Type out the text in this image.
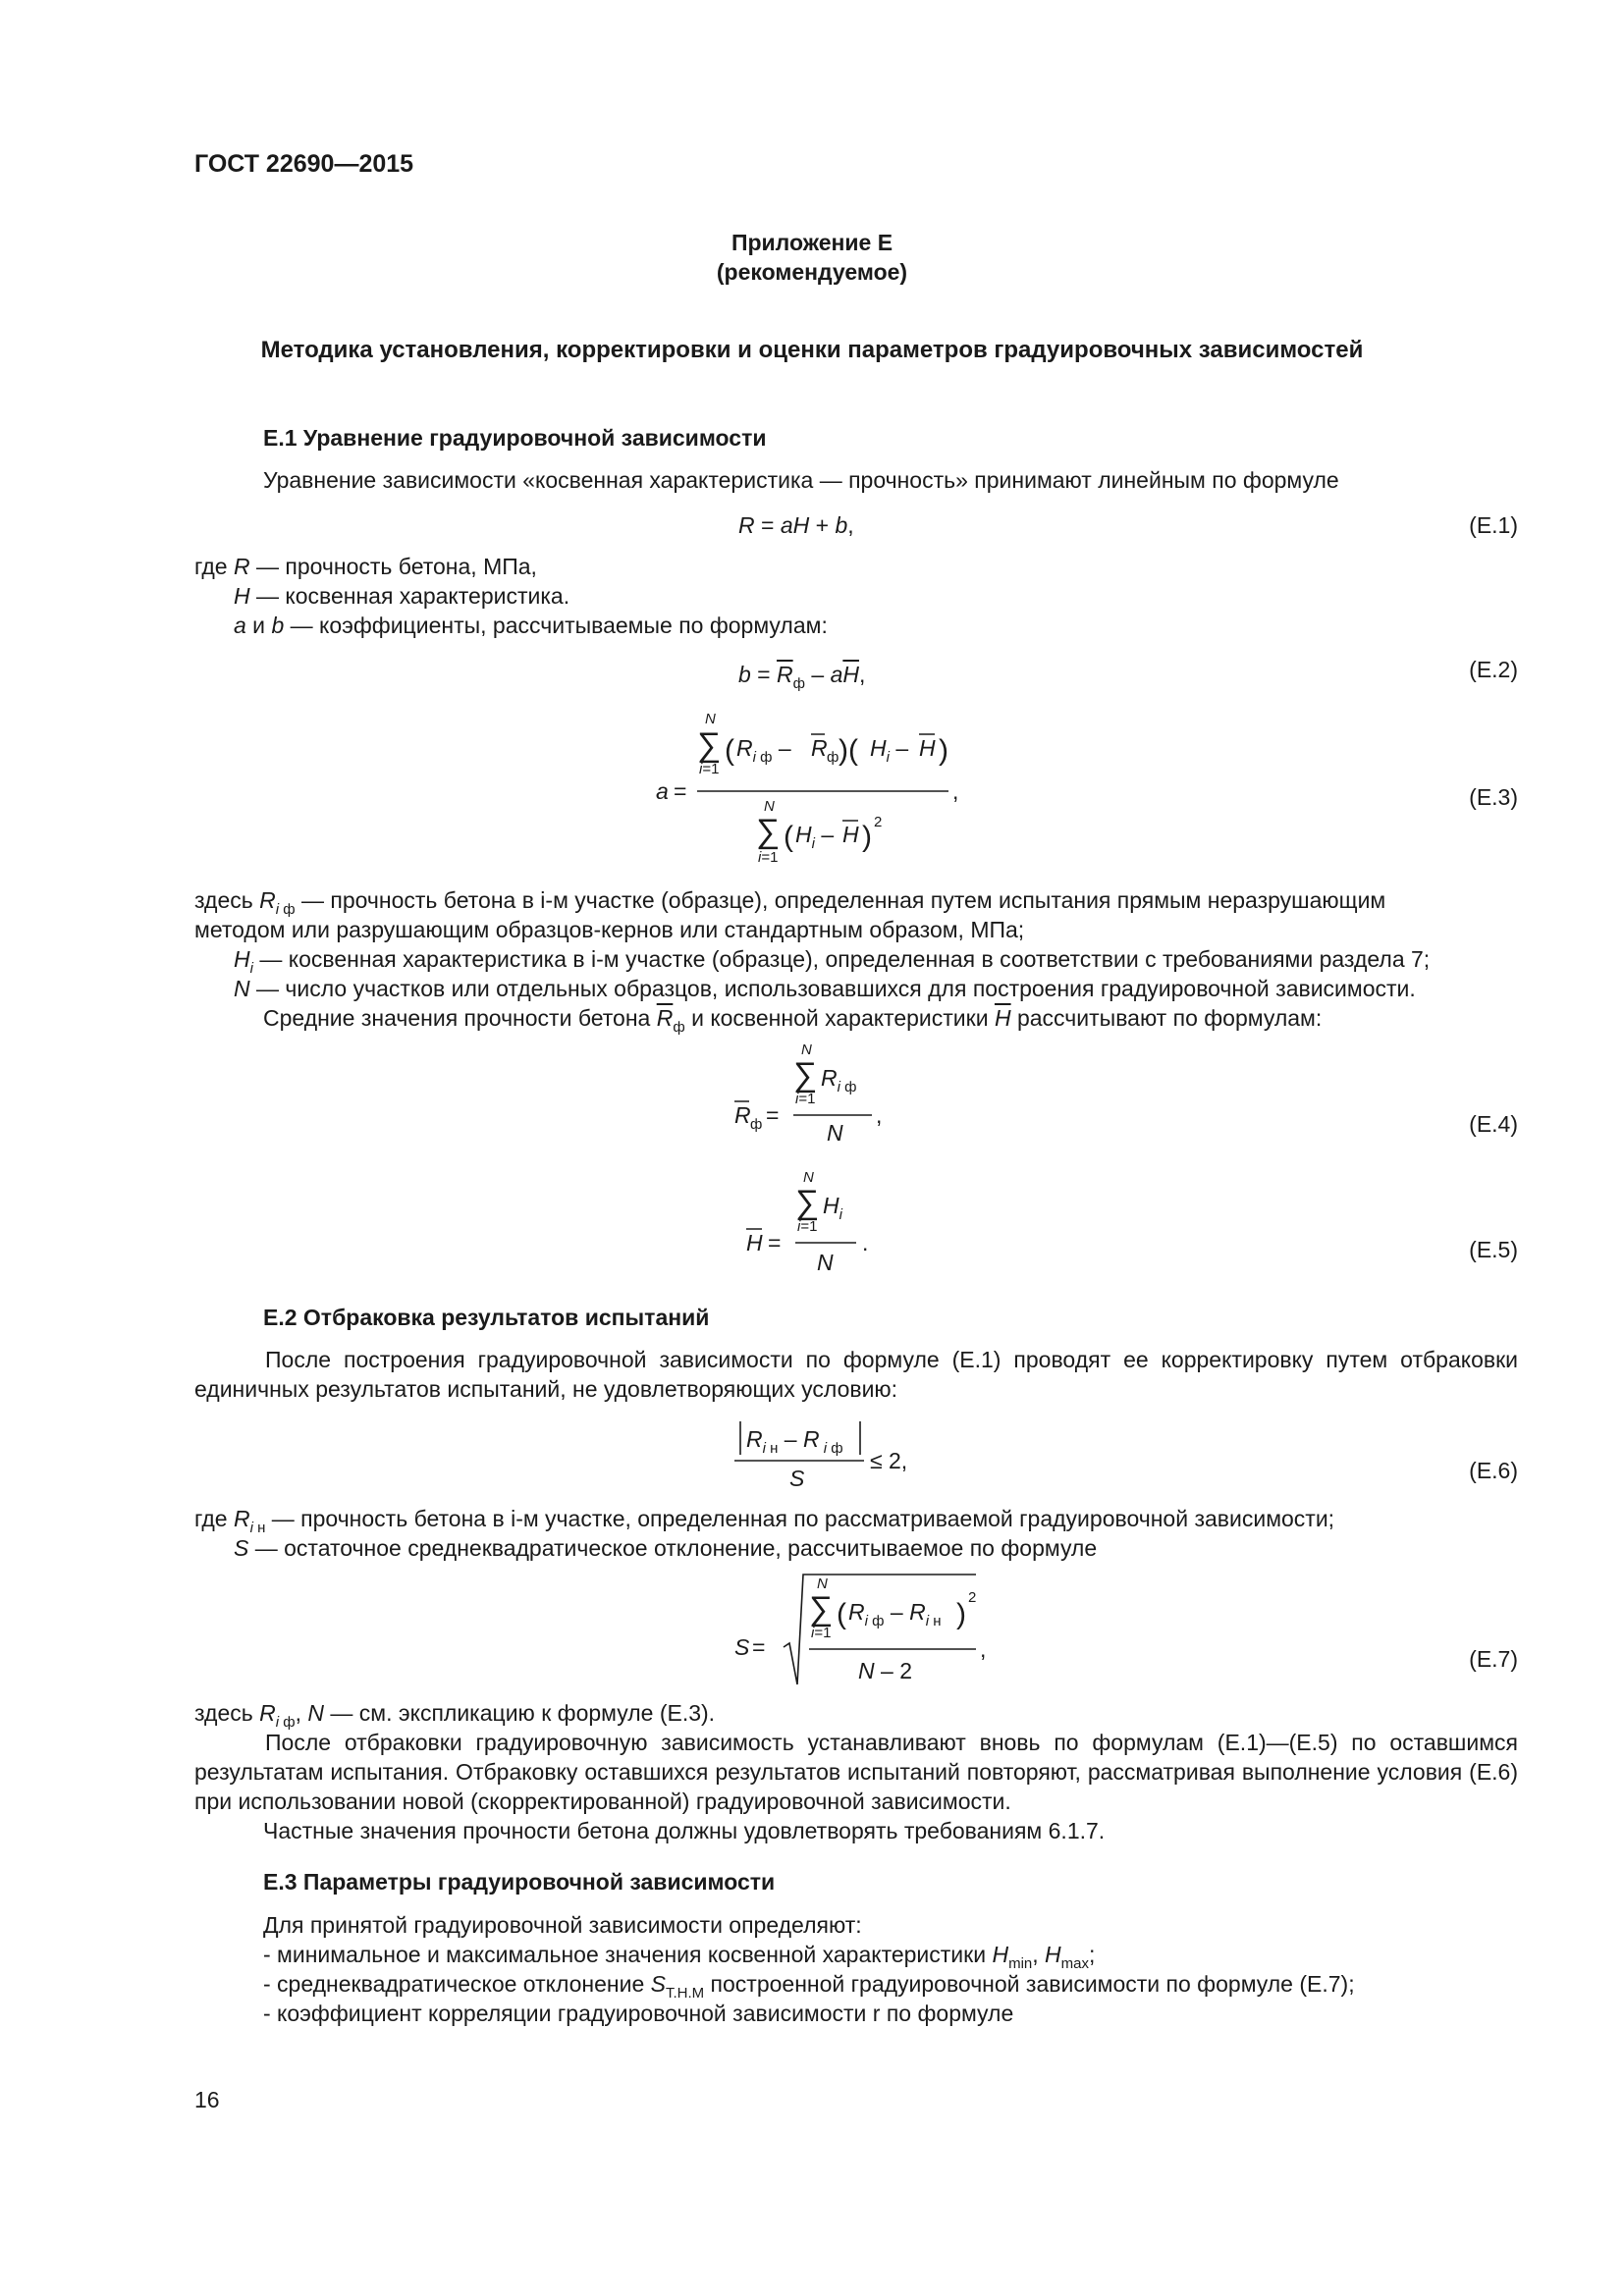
ГОСТ 22690—2015
Приложение Е
(рекомендуемое)
Методика установления, корректировки и оценки параметров градуировочных зависимостей
Е.1 Уравнение градуировочной зависимости
Уравнение зависимости «косвенная характеристика — прочность» принимают линейным по формуле
R = aH + b,	(Е.1)
где R — прочность бетона, МПа,
H — косвенная характеристика.
a и b — коэффициенты, рассчитываемые по формулам:
$b = \overline{R}_ф - a\overline{H}$,	(Е.2)
a =
N
∑
i=1
( $R_i$ ф – R ф )( $H_i$ – H )
,
N
∑
i=1
( $H_i$ – H ) 2
(Е.3)
здесь $R_{i ф}$ — прочность бетона в i-м участке (образце), определенная путем испытания прямым неразрушающим
методом или разрушающим образцов-кернов или стандартным образом, МПа;
$H_i$ — косвенная характеристика в i-м участке (образце), определенная в соответствии с требованиями раздела 7;
N — число участков или отдельных образцов, использовавшихся для построения градуировочной зависимости.
Средние значения прочности бетона $\overline{R}_ф$ и косвенной характеристики $\overline{H}$ рассчитывают по формулам:
R ф =
N
∑
i=1
$R_i$ ф
,
N	(Е.4)
H =
N
∑
i=1
$H_i$
.
N	(Е.5)
Е.2 Отбраковка результатов испытаний
После построения градуировочной зависимости по формуле (Е.1) проводят ее корректировку путем отбраковки единичных результатов испытаний, не удовлетворяющих условию:
$R_i$ н – R $_i$ ф
S
≤ 2,	(Е.6)
где $R_{i н}$ — прочность бетона в i-м участке, определенная по рассматриваемой градуировочной зависимости;
S — остаточное среднеквадратическое отклонение, рассчитываемое по формуле
S =
N
∑
i=1
( $R_i$ ф – $R_i$ н )
2
,
N – 2	(Е.7)
здесь $R_{i ф}$, N — см. экспликацию к формуле (Е.3).
После отбраковки градуировочную зависимость устанавливают вновь по формулам (Е.1)—(Е.5) по оставшимся результатам испытания. Отбраковку оставшихся результатов испытаний повторяют, рассматривая выполнение условия (Е.6) при использовании новой (скорректированной) градуировочной зависимости.
Частные значения прочности бетона должны удовлетворять требованиям 6.1.7.
Е.3 Параметры градуировочной зависимости
Для принятой градуировочной зависимости определяют:
- минимальное и максимальное значения косвенной характеристики $H_{min}$, $H_{max}$;
- среднеквадратическое отклонение $S_{Т.Н.М}$ построенной градуировочной зависимости по формуле (Е.7);
- коэффициент корреляции градуировочной зависимости r по формуле
16
